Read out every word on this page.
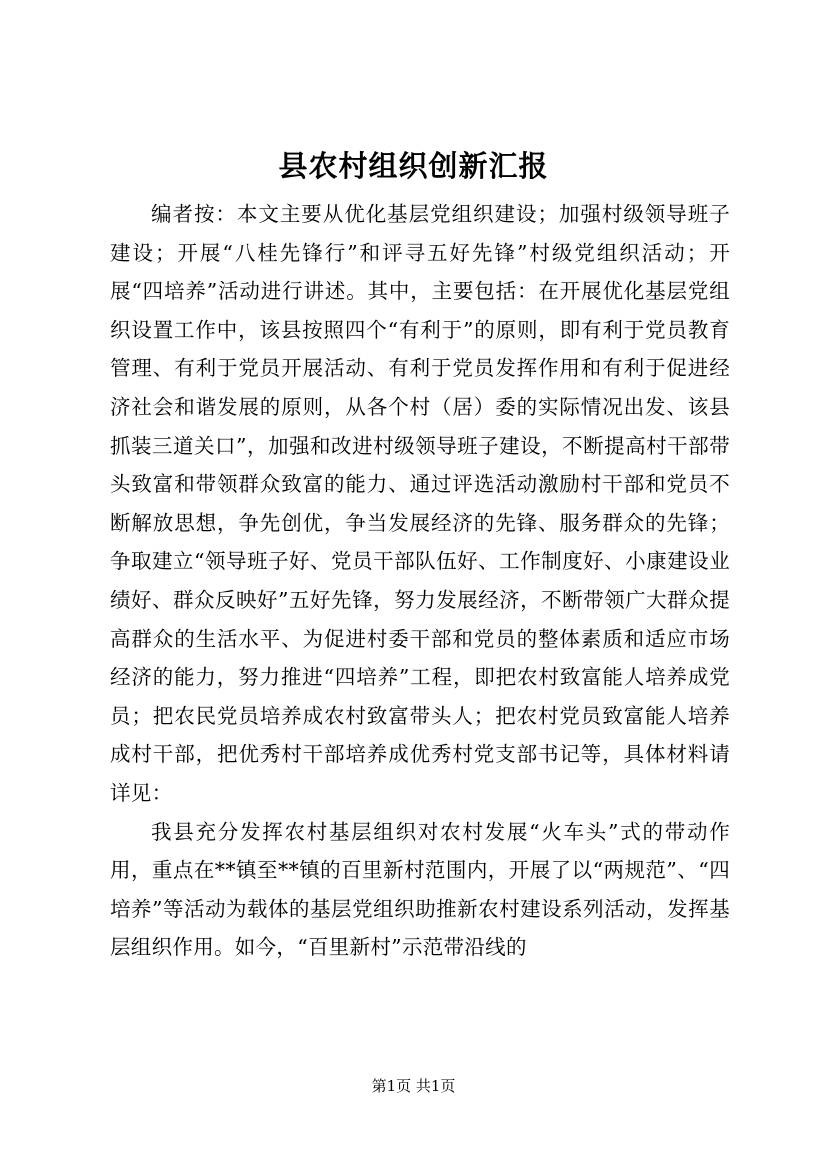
县农村组织创新汇报

编者按：本文主要从优化基层党组织建设；加强村级领导班子建设；开展“八桂先锋行”和评寻五好先锋”村级党组织活动；开展“四培养”活动进行讲述。其中，主要包括：在开展优化基层党组织设置工作中，该县按照四个“有利于”的原则，即有利于党员教育管理、有利于党员开展活动、有利于党员发挥作用和有利于促进经济社会和谐发展的原则，从各个村（居）委的实际情况出发、该县抓装三道关口”，加强和改进村级领导班子建设，不断提高村干部带头致富和带领群众致富的能力、通过评选活动激励村干部和党员不断解放思想，争先创优，争当发展经济的先锋、服务群众的先锋；争取建立“领导班子好、党员干部队伍好、工作制度好、小康建设业绩好、群众反映好”五好先锋，努力发展经济，不断带领广大群众提高群众的生活水平、为促进村委干部和党员的整体素质和适应市场经济的能力，努力推进“四培养”工程，即把农村致富能人培养成党员；把农民党员培养成农村致富带头人；把农村党员致富能人培养成村干部，把优秀村干部培养成优秀村党支部书记等，具体材料请详见：

我县充分发挥农村基层组织对农村发展“火车头”式的带动作用，重点在**镇至**镇的百里新村范围内，开展了以“两规范”、“四培养”等活动为载体的基层党组织助推新农村建设系列活动，发挥基层组织作用。如今，“百里新村”示范带沿线的

第1页 共1页
